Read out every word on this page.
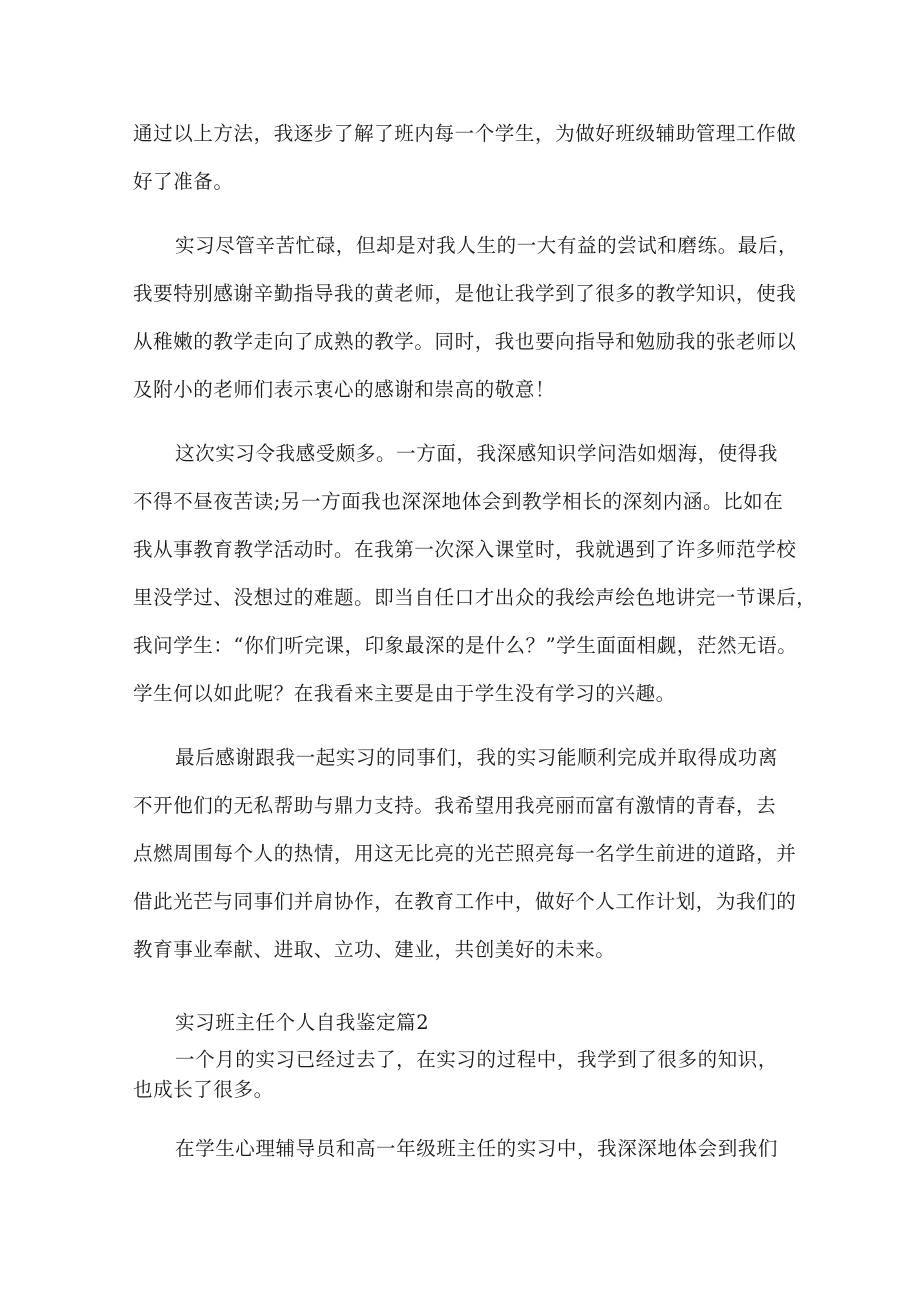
通过以上方法，我逐步了解了班内每一个学生，为做好班级辅助管理工作做
好了准备。
实习尽管辛苦忙碌，但却是对我人生的一大有益的尝试和磨练。最后，
我要特别感谢辛勤指导我的黄老师，是他让我学到了很多的教学知识，使我
从稚嫩的教学走向了成熟的教学。同时，我也要向指导和勉励我的张老师以
及附小的老师们表示衷心的感谢和崇高的敬意！
这次实习令我感受颇多。一方面，我深感知识学问浩如烟海，使得我
不得不昼夜苦读;另一方面我也深深地体会到教学相长的深刻内涵。比如在
我从事教育教学活动时。在我第一次深入课堂时，我就遇到了许多师范学校
里没学过、没想过的难题。即当自任口才出众的我绘声绘色地讲完一节课后，
我问学生：“你们听完课，印象最深的是什么？”学生面面相觑，茫然无语。
学生何以如此呢？在我看来主要是由于学生没有学习的兴趣。
最后感谢跟我一起实习的同事们，我的实习能顺利完成并取得成功离
不开他们的无私帮助与鼎力支持。我希望用我亮丽而富有激情的青春，去
点燃周围每个人的热情，用这无比亮的光芒照亮每一名学生前进的道路，并
借此光芒与同事们并肩协作，在教育工作中，做好个人工作计划，为我们的
教育事业奉献、进取、立功、建业，共创美好的未来。
实习班主任个人自我鉴定篇2
一个月的实习已经过去了，在实习的过程中，我学到了很多的知识，
也成长了很多。
在学生心理辅导员和高一年级班主任的实习中，我深深地体会到我们
